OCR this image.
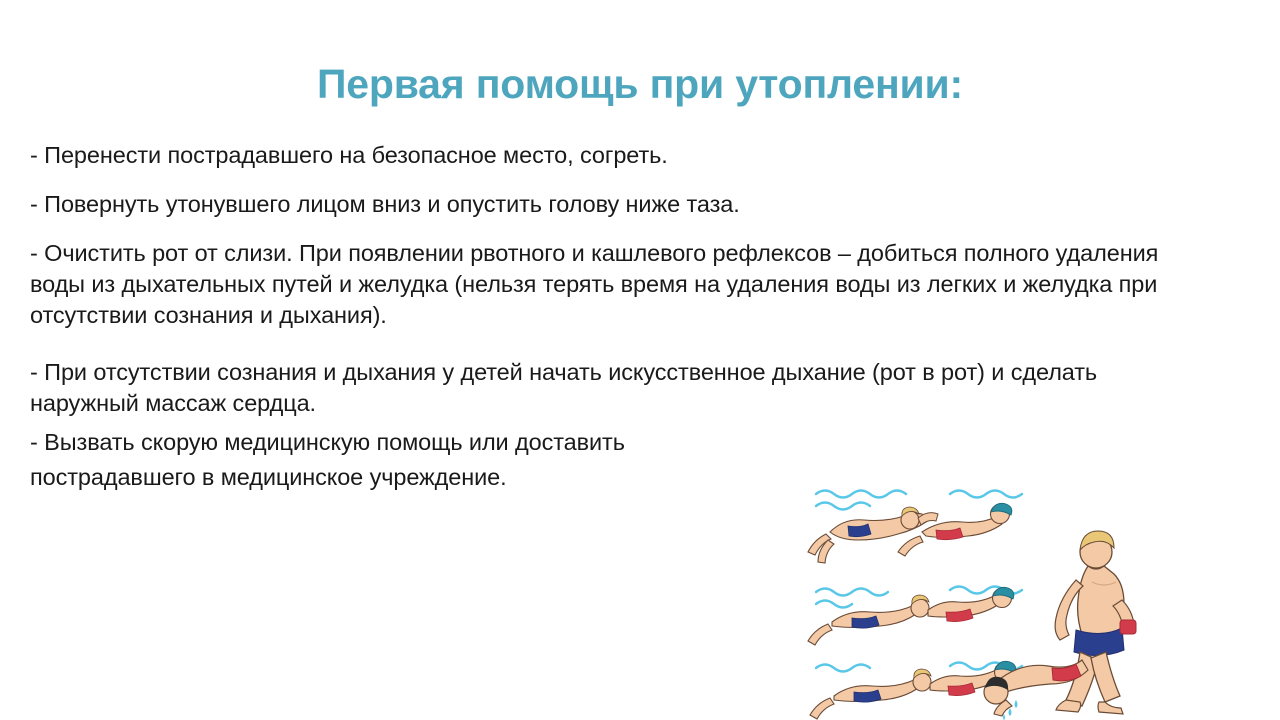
Первая помощь при утоплении:

- Перенести пострадавшего на безопасное место, согреть.

- Повернуть утонувшего лицом вниз и опустить голову ниже таза.

- Очистить рот от слизи. При появлении рвотного и кашлевого рефлексов – добиться полного удаления воды из дыхательных путей и желудка (нельзя терять время на удаления воды из легких и желудка при отсутствии сознания и дыхания).

- При отсутствии сознания и дыхания у детей начать искусственное дыхание (рот в рот) и сделать наружный массаж сердца.

- Вызвать скорую медицинскую помощь или доставить

пострадавшего в медицинское учреждение.
